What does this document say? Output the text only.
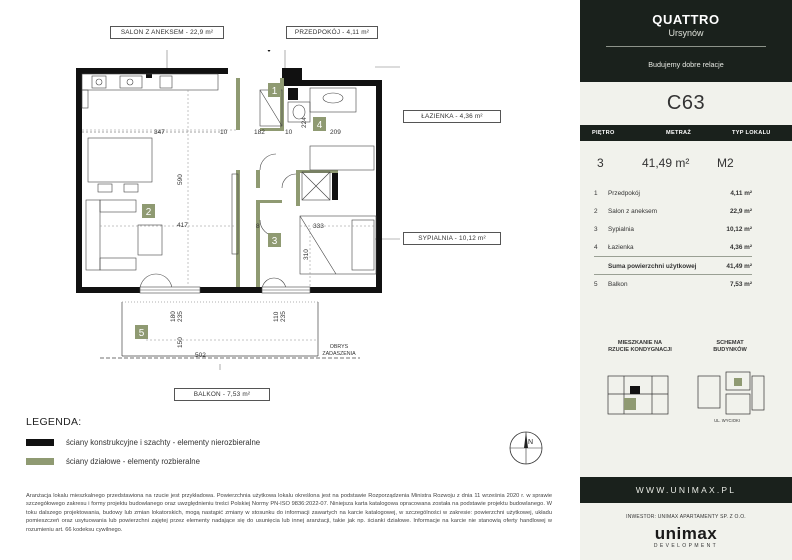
SALON Z ANEKSEM - 22,9 m²	PRZEDPOKÓJ - 4,11 m²
ŁAZIENKA - 4,36 m²
SYPIALNIA - 10,12 m²
BALKON - 7,53 m²
1
2
3
4
5
347	10	182	10	209
417	8	333
502
224
590
310
180 235
150
110 235
OBRYS
ZADASZENIA
LEGENDA:
ściany konstrukcyjne i szachty - elementy nierozbieralne
ściany działowe - elementy rozbieralne
Aranżacja lokalu mieszkalnego przedstawiona na rzucie jest przykładowa. Powierzchnia użytkowa lokalu określona jest na podstawie Rozporządzenia Ministra Rozwoju z dnia 11 września 2020 r. w sprawie szczegółowego zakresu i formy projektu budowlanego oraz uwzględnieniu treści Polskiej Normy PN-ISO 9836:2022-07. Niniejsza karta katalogowa opracowana została na podstawie projektu budowlanego. W toku dalszego projektowania, budowy lub zmian lokatorskich, mogą nastąpić zmiany w stosunku do informacji zawartych na karcie katalogowej, w szczególności w zakresie: powierzchni użytkowej, układu pomieszczeń oraz usytuowania lub powierzchni zajętej przez elementy nadające się do usunięcia lub innej aranżacji, takie jak np. ścianki działowe. Informacje na karcie nie stanowią oferty handlowej w rozumieniu art. 66 kodeksu cywilnego.
N
QUATTRO
Ursynów
Budujemy dobre relacje
C63
PIĘTRO	METRAŻ	TYP LOKALU
3	41,49 m² M2
1 Przedpokój	4,11 m²
2 Salon z aneksem	22,9 m²
3 Sypialnia	10,12 m²
4 Łazienka	4,36 m²
Suma powierzchni użytkowej	41,49 m²
5 Balkon	7,53 m²
MIESZKANIE NA
RZUCIE KONDYGNACJI
SCHEMAT
BUDYNKÓW
UL. WYCIOKI
WWW.UNIMAX.PL
INWESTOR: UNIMAX APARTAMENTY SP. Z O.O.
unimax
DEVELOPMENT
